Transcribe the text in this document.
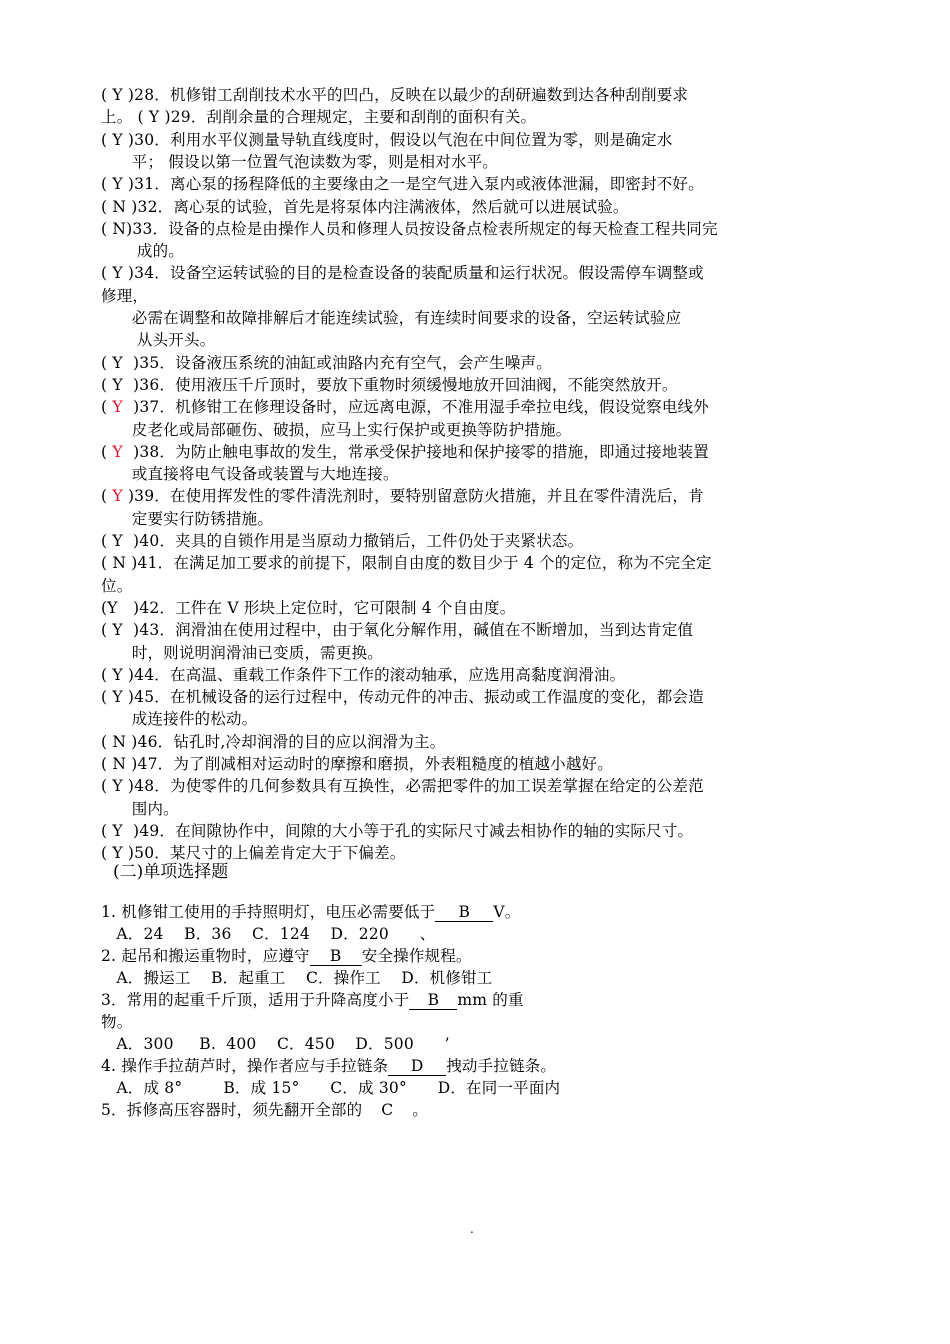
( Y )28．机修钳工刮削技术水平的凹凸，反映在以最少的刮研遍数到达各种刮削要求
上。 ( Y )29．刮削余量的合理规定，主要和刮削的面积有关。
( Y )30．利用水平仪测量导轨直线度时，假设以气泡在中间位置为零，则是确定水
平； 假设以第一位置气泡读数为零，则是相对水平。
( Y )31．离心泵的扬程降低的主要缘由之一是空气进入泵内或液体泄漏，即密封不好。
( N )32．离心泵的试验，首先是将泵体内注满液体，然后就可以进展试验。
( N)33．设备的点检是由操作人员和修理人员按设备点检表所规定的每天检查工程共同完
成的。
( Y )34．设备空运转试验的目的是检查设备的装配质量和运行状况。假设需停车调整或
修理，
必需在调整和故障排解后才能连续试验，有连续时间要求的设备，空运转试验应
从头开头。
( Y  )35．设备液压系统的油缸或油路内充有空气，会产生噪声。
( Y  )36．使用液压千斤顶时，要放下重物时须缓慢地放开回油阀，不能突然放开。
( Y  )37．机修钳工在修理设备时，应远离电源，不准用湿手牵拉电线，假设觉察电线外
皮老化或局部砸伤、破损，应马上实行保护或更换等防护措施。
( Y  )38．为防止触电事故的发生，常承受保护接地和保护接零的措施，即通过接地装置
或直接将电气设备或装置与大地连接。
( Y )39．在使用挥发性的零件清洗剂时，要特别留意防火措施，并且在零件清洗后，肯
定要实行防锈措施。
( Y  )40．夹具的自锁作用是当原动力撤销后，工件仍处于夹紧状态。
( N )41．在满足加工要求的前提下，限制自由度的数目少于 4 个的定位，称为不完全定
位。
(Y   )42．工件在 V 形块上定位时，它可限制 4 个自由度。
( Y  )43．润滑油在使用过程中，由于氧化分解作用，碱值在不断增加，当到达肯定值
时，则说明润滑油已变质，需更换。
( Y )44．在高温、重载工作条件下工作的滚动轴承，应选用高黏度润滑油。
( Y )45．在机械设备的运行过程中，传动元件的冲击、振动或工作温度的变化，都会造
成连接件的松动。
( N )46．钻孔时,冷却润滑的目的应以润滑为主。
( N )47．为了削减相对运动时的摩擦和磨损，外表粗糙度的植越小越好。
( Y )48．为使零件的几何参数具有互换性，必需把零件的加工误差掌握在给定的公差范
围内。
( Y  )49．在间隙协作中，间隙的大小等于孔的实际尺寸减去相协作的轴的实际尺寸。
( Y )50．某尺寸的上偏差肯定大于下偏差。
(二)单项选择题
1. 机修钳工使用的手持照明灯，电压必需要低于 B V。
A．24    B．36    C．124    D．220      、
2. 起吊和搬运重物时，应遵守 B 安全操作规程。
A．搬运工    B．起重工    C．操作工    D．机修钳工
3．常用的起重千斤顶，适用于升降高度小于 B mm 的重
物。
A．300     B.  400    C．450    D．500      ’
4. 操作手拉葫芦时，操作者应与手拉链条 D 拽动手拉链条。
A．成 8°        B．成 15°      C．成 30°      D．在同一平面内
5．拆修高压容器时，须先翻开全部的 C 。
.
